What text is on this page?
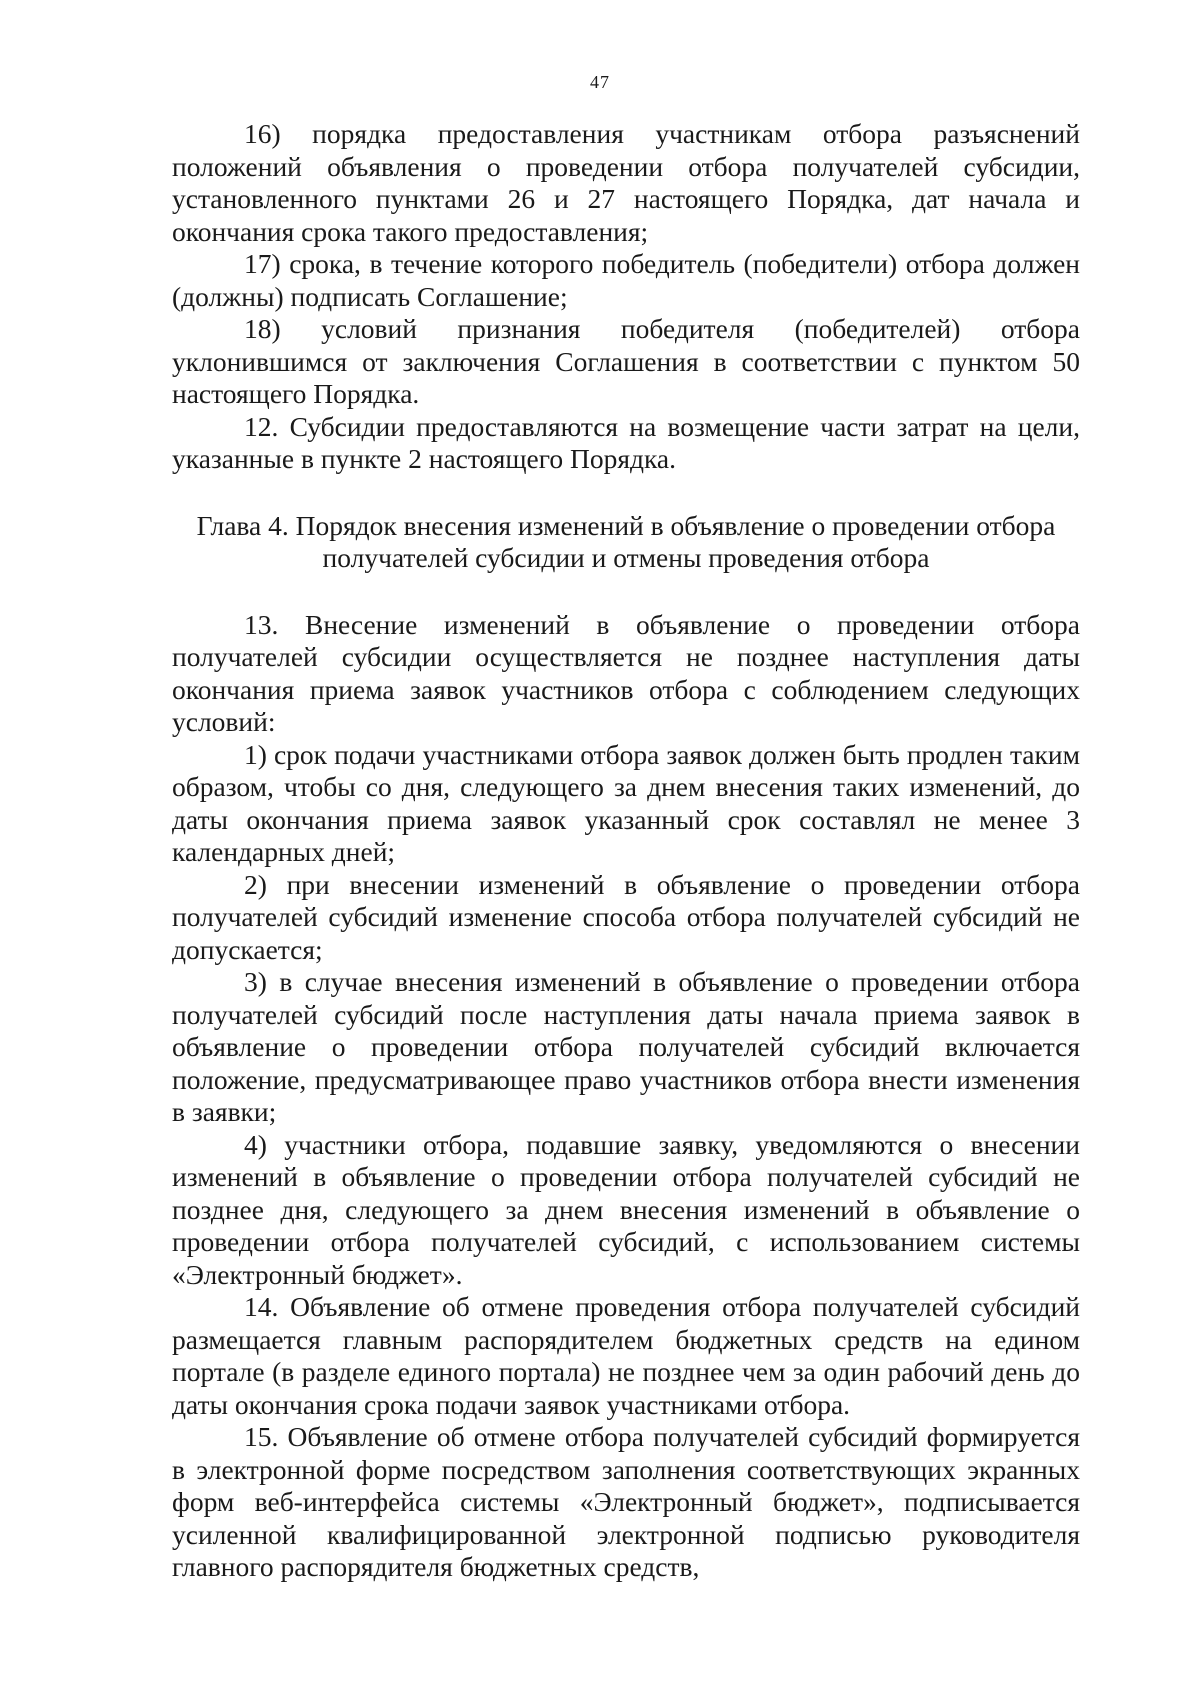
47

16) порядка предоставления участникам отбора разъяснений положений объявления о проведении отбора получателей субсидии, установленного пунктами 26 и 27 настоящего Порядка, дат начала и окончания срока такого предоставления;

17) срока, в течение которого победитель (победители) отбора должен (должны) подписать Соглашение;

18) условий признания победителя (победителей) отбора уклонившимся от заключения Соглашения в соответствии с пунктом 50 настоящего Порядка.

12. Субсидии предоставляются на возмещение части затрат на цели, указанные в пункте 2 настоящего Порядка.

Глава 4. Порядок внесения изменений в объявление о проведении отбора
получателей субсидии и отмены проведения отбора

13. Внесение изменений в объявление о проведении отбора получателей субсидии осуществляется не позднее наступления даты окончания приема заявок участников отбора с соблюдением следующих условий:

1) срок подачи участниками отбора заявок должен быть продлен таким образом, чтобы со дня, следующего за днем внесения таких изменений, до даты окончания приема заявок указанный срок составлял не менее 3 календарных дней;

2) при внесении изменений в объявление о проведении отбора получателей субсидий изменение способа отбора получателей субсидий не допускается;

3) в случае внесения изменений в объявление о проведении отбора получателей субсидий после наступления даты начала приема заявок в объявление о проведении отбора получателей субсидий включается положение, предусматривающее право участников отбора внести изменения в заявки;

4) участники отбора, подавшие заявку, уведомляются о внесении изменений в объявление о проведении отбора получателей субсидий не позднее дня, следующего за днем внесения изменений в объявление о проведении отбора получателей субсидий, с использованием системы «Электронный бюджет».

14. Объявление об отмене проведения отбора получателей субсидий размещается главным распорядителем бюджетных средств на едином портале (в разделе единого портала) не позднее чем за один рабочий день до даты окончания срока подачи заявок участниками отбора.

15. Объявление об отмене отбора получателей субсидий формируется в электронной форме посредством заполнения соответствующих экранных форм веб-интерфейса системы «Электронный бюджет», подписывается усиленной квалифицированной электронной подписью руководителя главного распорядителя бюджетных средств,
